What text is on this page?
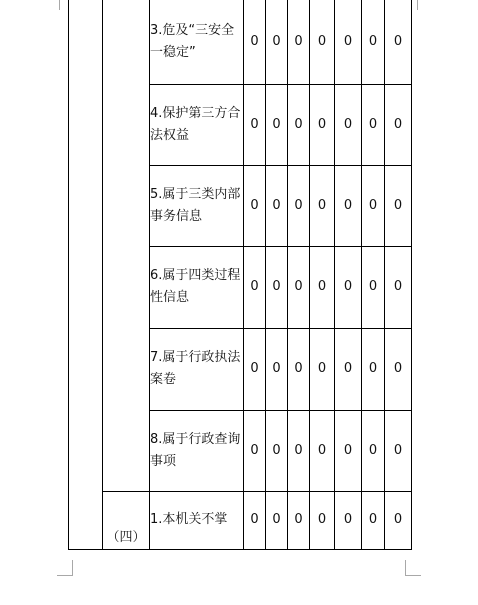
		3.危及“三安全一稳定”	0	0	0	0	0	0	0
		4.保护第三方合法权益	0	0	0	0	0	0	0
		5.属于三类内部事务信息	0	0	0	0	0	0	0
		6.属于四类过程性信息	0	0	0	0	0	0	0
		7.属于行政执法案卷	0	0	0	0	0	0	0
		8.属于行政查询事项	0	0	0	0	0	0	0
	（四）	1.本机关不掌	0	0	0	0	0	0	0
